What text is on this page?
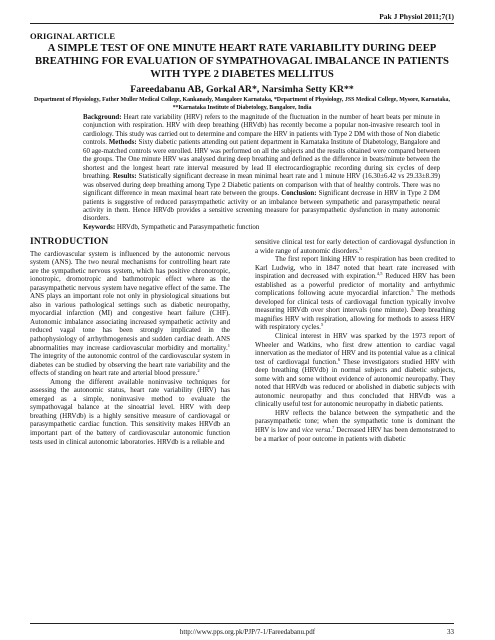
Pak J Physiol 2011;7(1)
ORIGINAL ARTICLE
A SIMPLE TEST OF ONE MINUTE HEART RATE VARIABILITY DURING DEEP BREATHING FOR EVALUATION OF SYMPATHOVAGAL IMBALANCE IN PATIENTS WITH TYPE 2 DIABETES MELLITUS
Fareedabanu AB, Gorkal AR*, Narsimha Setty KR**
Department of Physiology, Father Muller Medical College, Kankanady, Mangalore Karnataka, *Department of Physiology, JSS Medical College, Mysore, Karnataka, **Karnataka Institute of Diabetology, Bangalore, India
Background: Heart rate variability (HRV) refers to the magnitude of the fluctuation in the number of heart beats per minute in conjunction with respiration. HRV with deep breathing (HRVdb) has recently become a popular non-invasive research tool in cardiology. This study was carried out to determine and compare the HRV in patients with Type 2 DM with those of Non diabetic controls. Methods: Sixty diabetic patients attending out patient department in Karnataka Institute of Diabetology, Bangalore and 60 age-matched controls were enrolled. HRV was performed on all the subjects and the results obtained were compared between the groups. The One minute HRV was analysed during deep breathing and defined as the difference in beats/minute between the shortest and the longest heart rate interval measured by lead II electrocardiographic recording during six cycles of deep breathing. Results: Statistically significant decrease in mean minimal heart rate and 1 minute HRV (16.30±6.42 vs 29.33±8.39) was observed during deep breathing among Type 2 Diabetic patients on comparison with that of healthy controls. There was no significant difference in mean maximal heart rate between the groups. Conclusion: Significant decrease in HRV in Type 2 DM patients is suggestive of reduced parasympathetic activity or an imbalance between sympathetic and parasympathetic neural activity in them. Hence HRVdb provides a sensitive screening measure for parasympathetic dysfunction in many autonomic disorders.
Keywords: HRVdb, Sympathetic and Parasympathetic function

INTRODUCTION

The cardiovascular system is influenced by the autonomic nervous system (ANS). The two neural mechanisms for controlling heart rate are the sympathetic nervous system, which has positive chronotropic, ionotropic, dromotropic and bathmotropic effect where as the parasympathetic nervous system have negative effect of the same. The ANS plays an important role not only in physiological situations but also in various pathological settings such as diabetic neuropathy, myocardial infarction (MI) and congestive heart failure (CHF). Autonomic imbalance associating increased sympathetic activity and reduced vagal tone has been strongly implicated in the pathophysiology of arrhythmogenesis and sudden cardiac death. ANS abnormalities may increase cardiovascular morbidity and mortality.$^1$ The integrity of the autonomic control of the cardiovascular system in diabetes can be studied by observing the heart rate variability and the effects of standing on heart rate and arterial blood pressure.$^2$

Among the different available noninvasive techniques for assessing the autonomic status, heart rate variability (HRV) has emerged as a simple, noninvasive method to evaluate the sympathovagal balance at the sinoatrial level. HRV with deep breathing (HRVdb) is a highly sensitive measure of cardiovagal or parasympathetic cardiac function. This sensitivity makes HRVdb an important part of the battery of cardiovascular autonomic function tests used in clinical autonomic laboratories. HRVdb is a reliable and

sensitive clinical test for early detection of cardiovagal dysfunction in a wide range of autonomic disorders.$^3$

The first report linking HRV to respiration has been credited to Karl Ludwig, who in 1847 noted that heart rate increased with inspiration and decreased with expiration.$^{4,5}$ Reduced HRV has been established as a powerful predictor of mortality and arrhythmic complications following acute myocardial infarction.$^5$ The methods developed for clinical tests of cardiovagal function typically involve measuring HRVdb over short intervals (one minute). Deep breathing magnifies HRV with respiration, allowing for methods to assess HRV with respiratory cycles.$^5$

Clinical interest in HRV was sparked by the 1973 report of Wheeler and Watkins, who first drew attention to cardiac vagal innervation as the mediator of HRV and its potential value as a clinical test of cardiovagal function.$^6$ These investigators studied HRV with deep breathing (HRVdb) in normal subjects and diabetic subjects, some with and some without evidence of autonomic neuropathy. They noted that HRVdb was reduced or abolished in diabetic subjects with autonomic neuropathy and thus concluded that HRVdb was a clinically useful test for autonomic neuropathy in diabetic patients.

HRV reflects the balance between the sympathetic and the parasympathetic tone; when the sympathetic tone is dominant the HRV is low and vice versa.$^7$ Decreased HRV has been demonstrated to be a marker of poor outcome in patients with diabetic

http://www.pps.org.pk/PJP/7-1/Fareedabanu.pdf	33
